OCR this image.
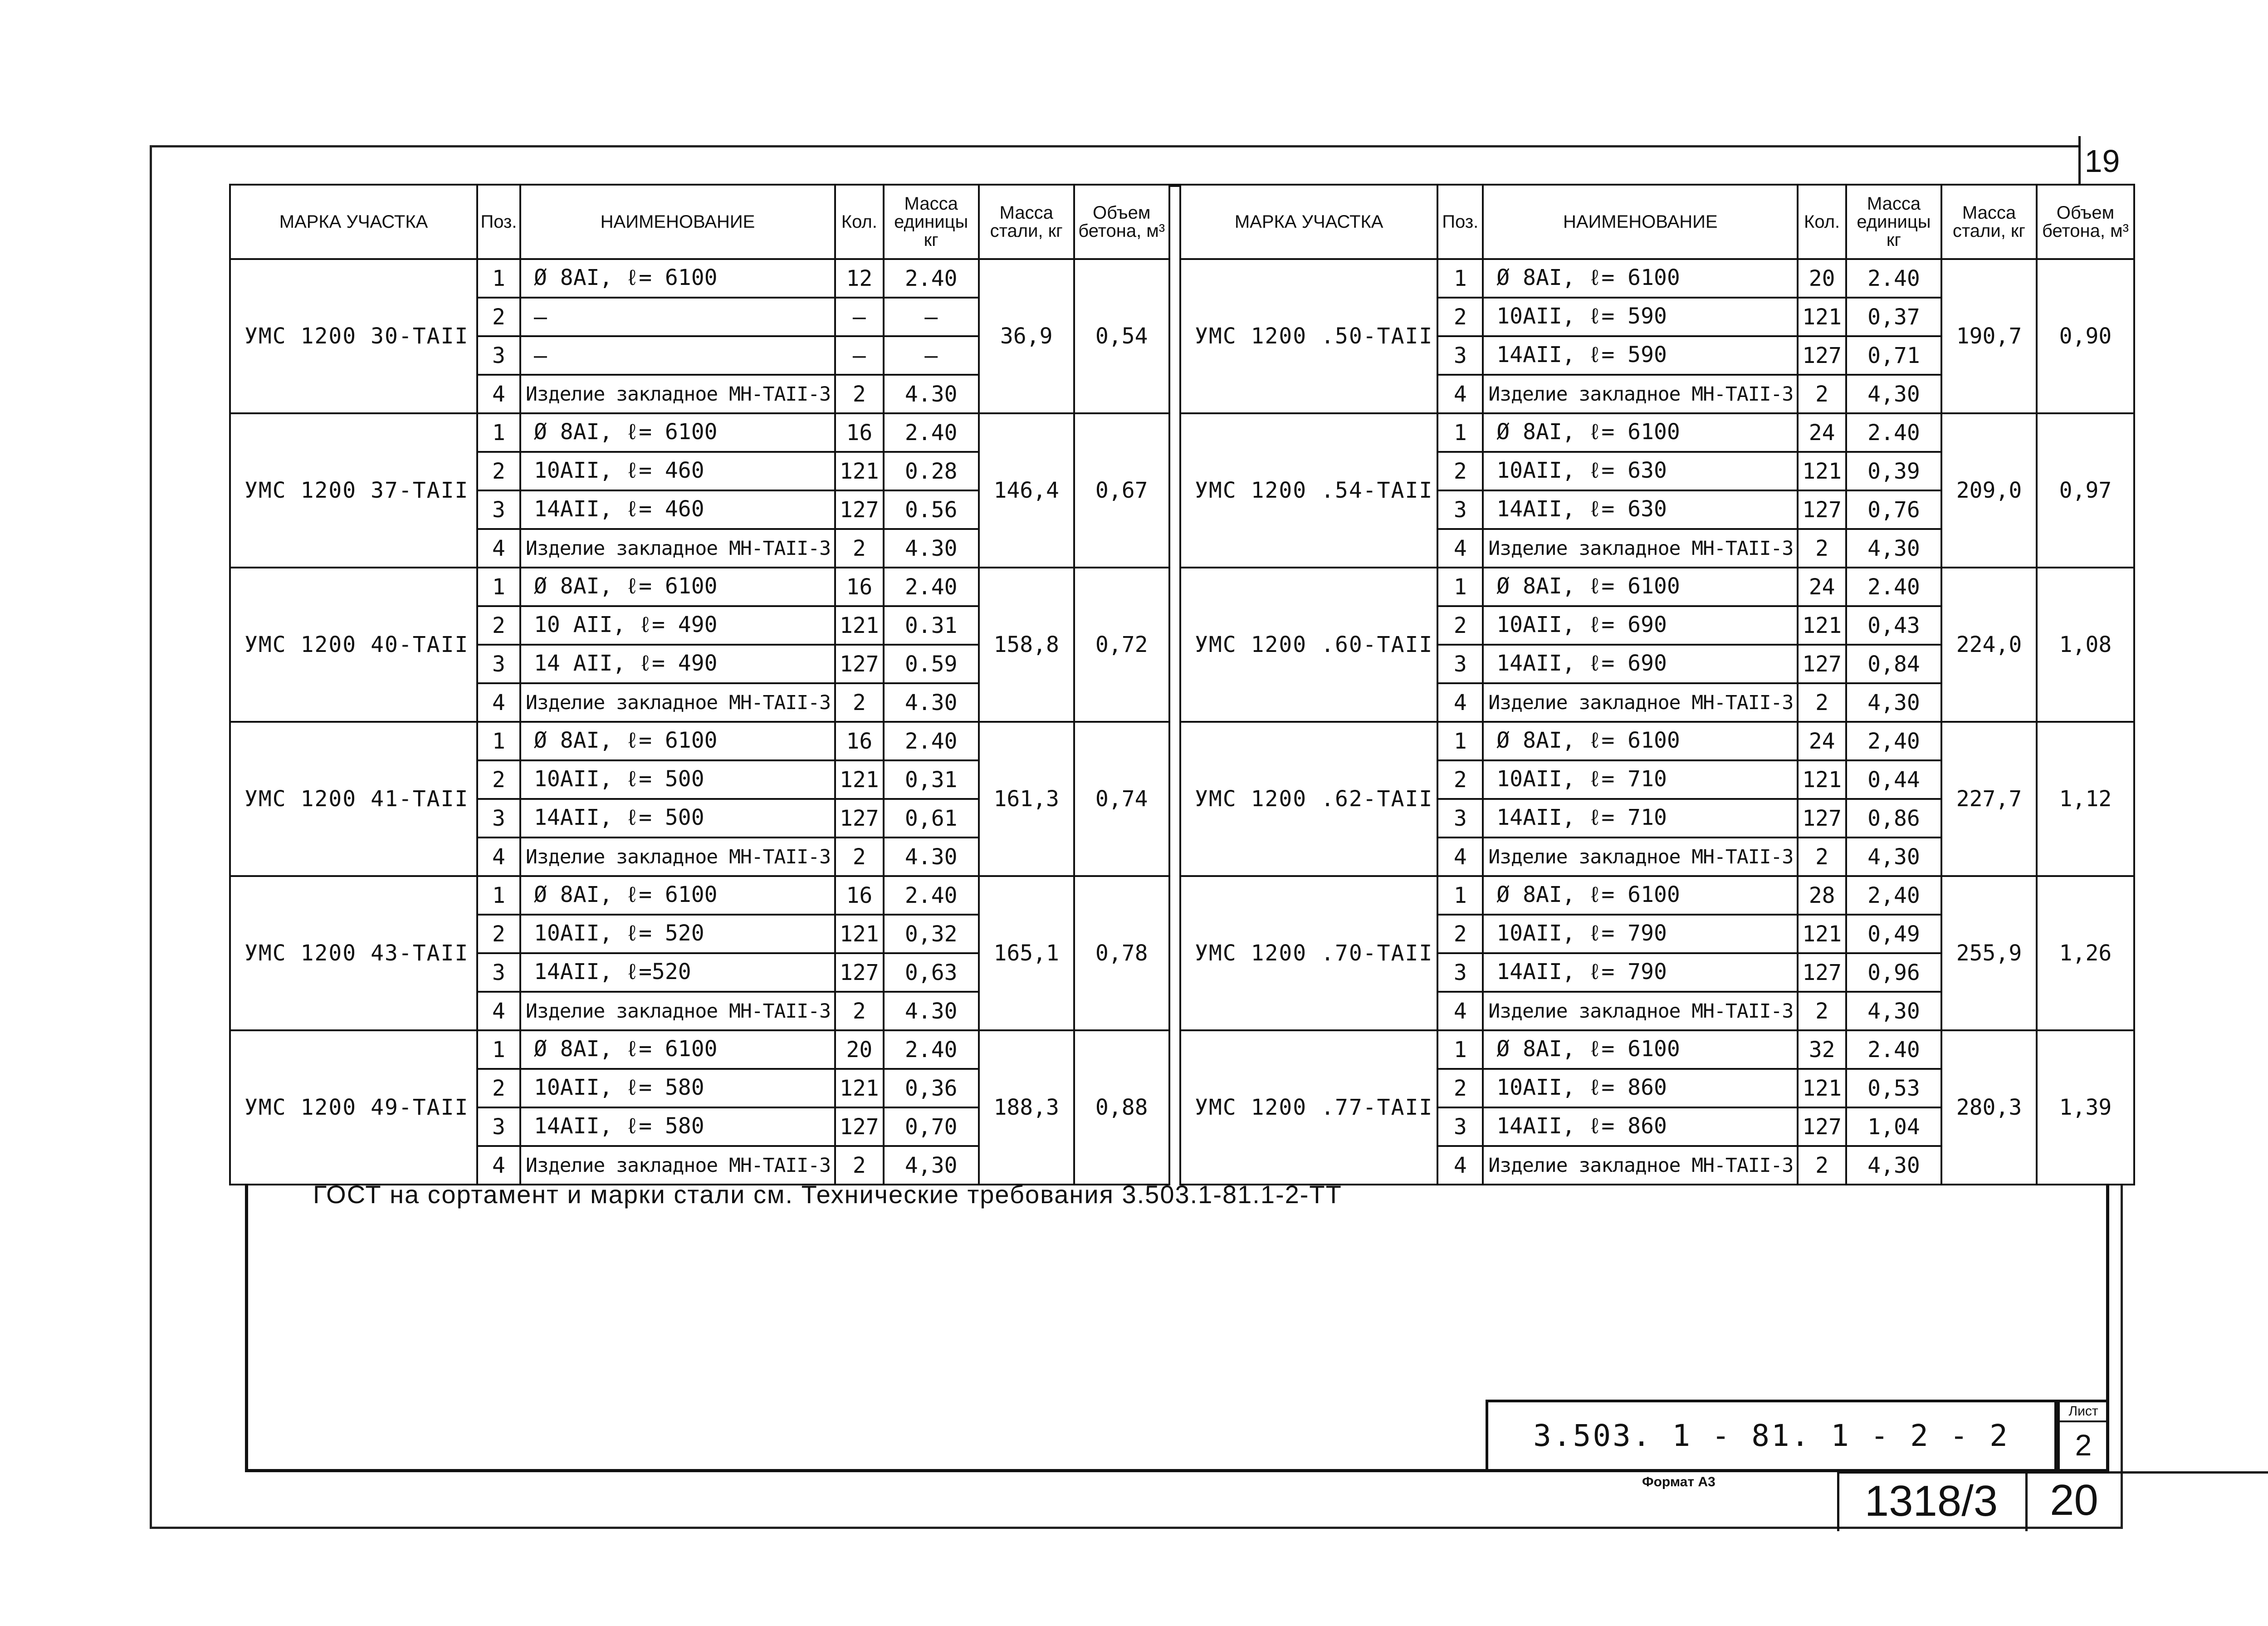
19
МАРКА УЧАСТКА	Поз.	НАИМЕНОВАНИЕ	Кол.	Масса единицы кг	Масса стали, кг	Объем бетона, м³
УМС 1200 30-ТАII	1	Ø 8AI, ℓ= 6100	12	2.40	36,9	0,54
	2	—	—	—		
	3	—	—	—		
	4	Изделие закладное МН-ТАII-3	2	4.30		
УМС 1200 37-ТАII	1	Ø 8AI, ℓ= 6100	16	2.40	146,4	0,67
	2	10AII, ℓ= 460	121	0.28		
	3	14AII, ℓ= 460	127	0.56		
	4	Изделие закладное МН-ТАII-3	2	4.30		
УМС 1200 40-ТАII	1	Ø 8AI, ℓ= 6100	16	2.40	158,8	0,72
	2	10 AII, ℓ= 490	121	0.31		
	3	14 AII, ℓ= 490	127	0.59		
	4	Изделие закладное МН-ТАII-3	2	4.30		
УМС 1200 41-ТАII	1	Ø 8AI, ℓ= 6100	16	2.40	161,3	0,74
	2	10AII, ℓ= 500	121	0,31		
	3	14AII, ℓ= 500	127	0,61		
	4	Изделие закладное МН-ТАII-3	2	4.30		
УМС 1200 43-ТАII	1	Ø 8AI, ℓ= 6100	16	2.40	165,1	0,78
	2	10AII, ℓ= 520	121	0,32		
	3	14AII, ℓ=520	127	0,63		
	4	Изделие закладное МН-ТАII-3	2	4.30		
УМС 1200 49-ТАII	1	Ø 8AI, ℓ= 6100	20	2.40	188,3	0,88
	2	10AII, ℓ= 580	121	0,36		
	3	14AII, ℓ= 580	127	0,70		
	4	Изделие закладное МН-ТАII-3	2	4,30		
МАРКА УЧАСТКА	Поз.	НАИМЕНОВАНИЕ	Кол.	Масса единицы кг	Масса стали, кг	Объем бетона, м³
УМС 1200 .50-ТАII	1	Ø 8AI, ℓ= 6100	20	2.40	190,7	0,90
	2	10AII, ℓ= 590	121	0,37		
	3	14AII, ℓ= 590	127	0,71		
	4	Изделие закладное МН-ТАII-3	2	4,30		
УМС 1200 .54-ТАII	1	Ø 8AI, ℓ= 6100	24	2.40	209,0	0,97
	2	10AII, ℓ= 630	121	0,39		
	3	14AII, ℓ= 630	127	0,76		
	4	Изделие закладное МН-ТАII-3	2	4,30		
УМС 1200 .60-ТАII	1	Ø 8AI, ℓ= 6100	24	2.40	224,0	1,08
	2	10AII, ℓ= 690	121	0,43		
	3	14AII, ℓ= 690	127	0,84		
	4	Изделие закладное МН-ТАII-3	2	4,30		
УМС 1200 .62-ТАII	1	Ø 8AI, ℓ= 6100	24	2,40	227,7	1,12
	2	10AII, ℓ= 710	121	0,44		
	3	14AII, ℓ= 710	127	0,86		
	4	Изделие закладное МН-ТАII-3	2	4,30		
УМС 1200 .70-ТАII	1	Ø 8AI, ℓ= 6100	28	2,40	255,9	1,26
	2	10AII, ℓ= 790	121	0,49		
	3	14AII, ℓ= 790	127	0,96		
	4	Изделие закладное МН-ТАII-3	2	4,30		
УМС 1200 .77-ТАII	1	Ø 8AI, ℓ= 6100	32	2.40	280,3	1,39
	2	10AII, ℓ= 860	121	0,53		
	3	14AII, ℓ= 860	127	1,04		
	4	Изделие закладное МН-ТАII-3	2	4,30		
ГОСТ на сортамент и марки стали см. Технические требования 3.503.1-81.1-2-ТТ
3.503. 1 - 81. 1 - 2 - 2
Лист
2
Формат А3	1318/3	20
